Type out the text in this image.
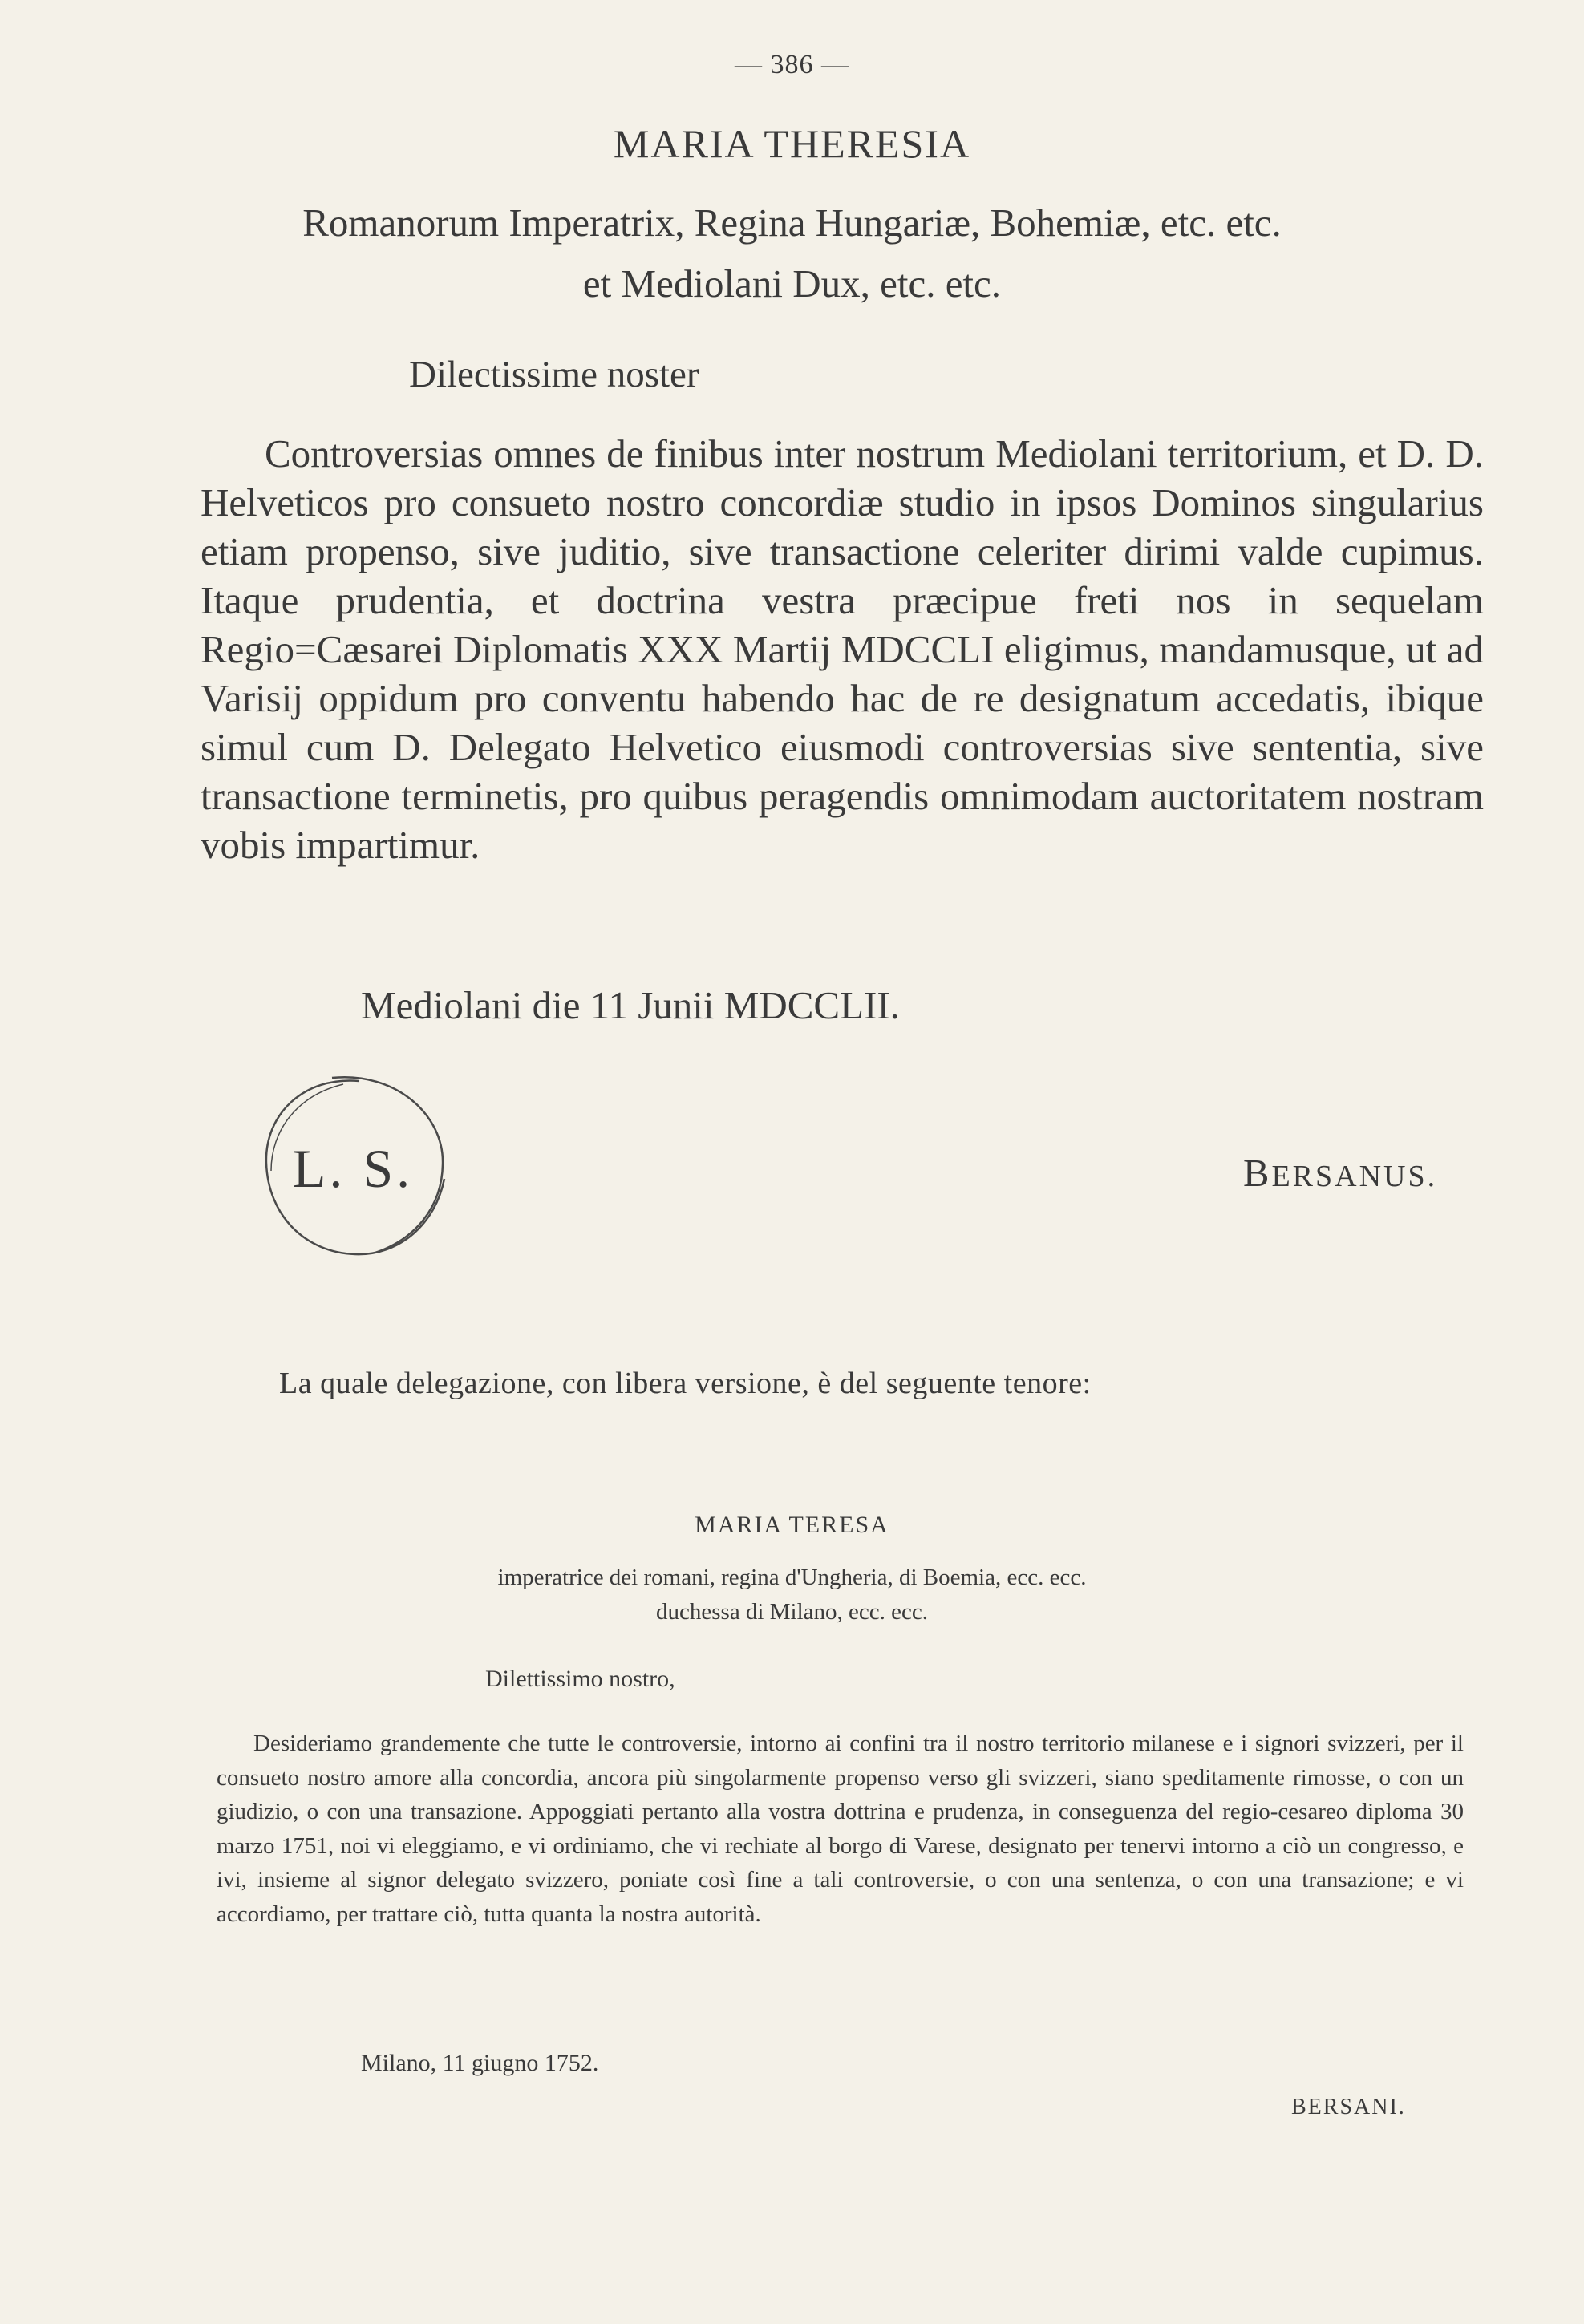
— 386 —
MARIA THERESIA
Romanorum Imperatrix, Regina Hungariæ, Bohemiæ, etc. etc.
et Mediolani Dux, etc. etc.
Dilectissime noster
Controversias omnes de finibus inter nostrum Mediolani territorium, et D. D. Helveticos pro consueto nostro concordiæ studio in ipsos Dominos singularius etiam propenso, sive juditio, sive transactione celeriter dirimi valde cupimus. Itaque prudentia, et doctrina vestra præcipue freti nos in sequelam Regio=Cæsarei Diplomatis XXX Martij MDCCLI eligimus, mandamusque, ut ad Varisij oppidum pro conventu habendo hac de re designatum accedatis, ibique simul cum D. Delegato Helvetico eiusmodi controversias sive sententia, sive transactione terminetis, pro quibus peragendis omnimodam auctoritatem nostram vobis impartimur.
Mediolani die 11 Junii MDCCLII.
L. S.	BERSANUS.
La quale delegazione, con libera versione, è del seguente tenore:
MARIA TERESA
imperatrice dei romani, regina d'Ungheria, di Boemia, ecc. ecc.
duchessa di Milano, ecc. ecc.
Dilettissimo nostro,
Desideriamo grandemente che tutte le controversie, intorno ai confini tra il nostro territorio milanese e i signori svizzeri, per il consueto nostro amore alla concordia, ancora più singolarmente propenso verso gli svizzeri, siano speditamente rimosse, o con un giudizio, o con una transazione. Appoggiati pertanto alla vostra dottrina e prudenza, in conseguenza del regio-cesareo diploma 30 marzo 1751, noi vi eleggiamo, e vi ordiniamo, che vi rechiate al borgo di Varese, designato per tenervi intorno a ciò un congresso, e ivi, insieme al signor delegato svizzero, poniate così fine a tali controversie, o con una sentenza, o con una transazione; e vi accordiamo, per trattare ciò, tutta quanta la nostra autorità.
Milano, 11 giugno 1752.
BERSANI.
